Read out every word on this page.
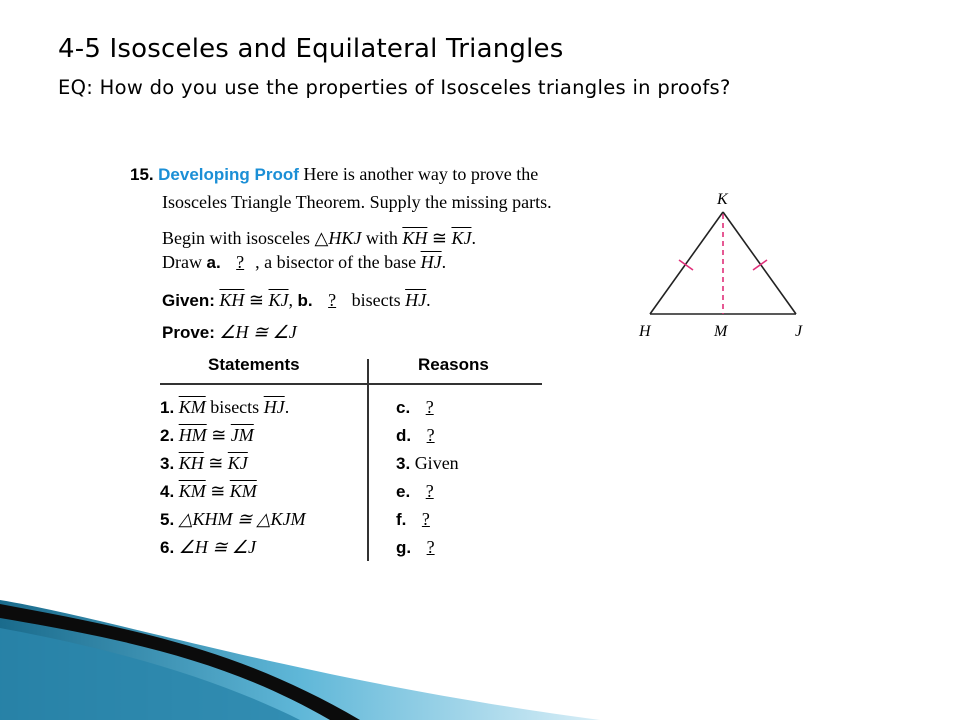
4-5 Isosceles and Equilateral Triangles
EQ: How do you use the properties of Isosceles triangles in proofs?
15. Developing Proof Here is another way to prove the
Isosceles Triangle Theorem. Supply the missing parts.
Begin with isosceles △HKJ with $\overline{KH}$ ≅ $\overline{KJ}$.
Draw a. ? , a bisector of the base $\overline{HJ}$.
Given: $\overline{KH}$ ≅ $\overline{KJ}$, b. ? bisects $\overline{HJ}$.
Prove: ∠H ≅ ∠J
Statements	Reasons
1. $\overline{KM}$ bisects $\overline{HJ}$.	c. ?
2. $\overline{HM}$ ≅ $\overline{JM}$	d. ?
3. $\overline{KH}$ ≅ $\overline{KJ}$	3. Given
4. $\overline{KM}$ ≅ $\overline{KM}$	e. ?
5. △KHM ≅ △KJM	f. ?
6. ∠H ≅ ∠J	g. ?
K
H	M	J
